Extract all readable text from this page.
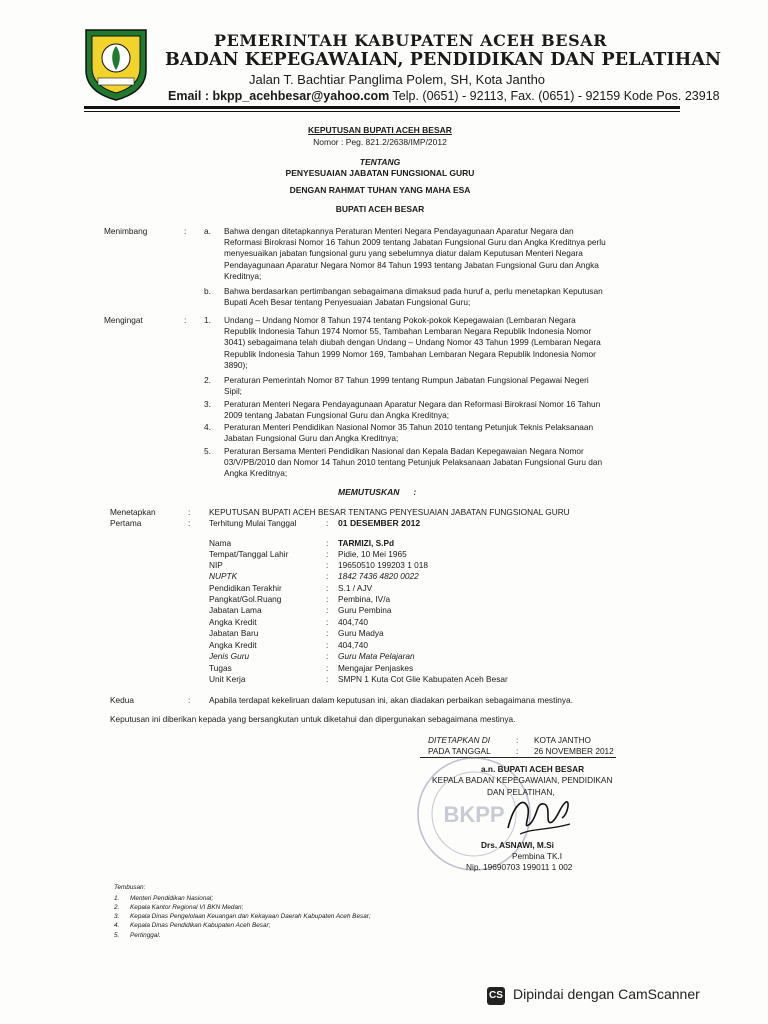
PEMERINTAH KABUPATEN ACEH BESAR
BADAN KEPEGAWAIAN, PENDIDIKAN DAN PELATIHAN
Jalan T. Bachtiar Panglima Polem, SH, Kota Jantho
Email : bkpp_acehbesar@yahoo.com Telp. (0651) - 92113, Fax. (0651) - 92159 Kode Pos. 23918
KEPUTUSAN BUPATI ACEH BESAR
Nomor : Peg. 821.2/2638/IMP/2012
TENTANG
PENYESUAIAN JABATAN FUNGSIONAL GURU
DENGAN RAHMAT TUHAN YANG MAHA ESA
BUPATI ACEH BESAR
Menimbang	: a. Bahwa dengan ditetapkannya Peraturan Menteri Negara Pendayagunaan Aparatur Negara dan
Reformasi Birokrasi Nomor 16 Tahun 2009 tentang Jabatan Fungsional Guru dan Angka Kreditnya perlu
menyesuaikan jabatan fungsional guru yang sebelumnya diatur dalam Keputusan Menteri Negara
Pendayagunaan Aparatur Negara Nomor 84 Tahun 1993 tentang Jabatan Fungsional Guru dan Angka
Kreditnya;
b. Bahwa berdasarkan pertimbangan sebagaimana dimaksud pada huruf a, perlu menetapkan Keputusan
Bupati Aceh Besar tentang Penyesuaian Jabatan Fungsional Guru;
Mengingat	: 1. Undang – Undang Nomor 8 Tahun 1974 tentang Pokok-pokok Kepegawaian (Lembaran Negara
Republik Indonesia Tahun 1974 Nomor 55, Tambahan Lembaran Negara Republik Indonesia Nomor
3041) sebagaimana telah diubah dengan Undang – Undang Nomor 43 Tahun 1999 (Lembaran Negara
Republik Indonesia Tahun 1999 Nomor 169, Tambahan Lembaran Negara Republik Indonesia Nomor
3890);
2. Peraturan Pemerintah Nomor 87 Tahun 1999 tentang Rumpun Jabatan Fungsional Pegawai Negeri
Sipil;
3. Peraturan Menteri Negara Pendayagunaan Aparatur Negara dan Reformasi Birokrasi Nomor 16 Tahun
2009 tentang Jabatan Fungsional Guru dan Angka Kreditnya;
4. Peraturan Menteri Pendidikan Nasional Nomor 35 Tahun 2010 tentang Petunjuk Teknis Pelaksanaan
Jabatan Fungsional Guru dan Angka Kreditnya;
5. Peraturan Bersama Menteri Pendidikan Nasional dan Kepala Badan Kepegawaian Negara Nomor
03/V/PB/2010 dan Nomor 14 Tahun 2010 tentang Petunjuk Pelaksanaan Jabatan Fungsional Guru dan
Angka Kreditnya;
MEMUTUSKAN      :
Menetapkan	: KEPUTUSAN BUPATI ACEH BESAR TENTANG PENYESUAIAN JABATAN FUNGSIONAL GURU
Pertama	: Terhitung Mulai Tanggal	: 01 DESEMBER 2012
Nama	: TARMIZI, S.Pd
Tempat/Tanggal Lahir	: Pidie, 10 Mei 1965
NIP	: 19650510 199203 1 018
NUPTK	: 1842 7436 4820 0022
Pendidikan Terakhir	: S.1 / AJV
Pangkat/Gol.Ruang	: Pembina, IV/a
Jabatan Lama	: Guru Pembina
Angka Kredit	: 404,740
Jabatan Baru	: Guru Madya
Angka Kredit	: 404,740
Jenis Guru	: Guru Mata Pelajaran
Tugas	: Mengajar Penjaskes
Unit Kerja	: SMPN 1 Kuta Cot Glie Kabupaten Aceh Besar
Kedua	: Apabila terdapat kekeliruan dalam keputusan ini, akan diadakan perbaikan sebagaimana mestinya.
Keputusan ini diberikan kepada yang bersangkutan untuk diketahui dan dipergunakan sebagaimana mestinya.
DITETAPKAN DI	: KOTA JANTHO
PADA TANGGAL	: 26 NOVEMBER 2012
BKPP
a.n. BUPATI ACEH BESAR
KEPALA BADAN KEPEGAWAIAN, PENDIDIKAN
DAN PELATIHAN,
Drs. ASNAWI, M.Si
Pembina TK.I
Nip. 19690703 199011 1 002
Tembusan:
1. Menteri Pendidikan Nasional;
2. Kepala Kantor Regional VI BKN Medan;
3. Kepala Dinas Pengelolaan Keuangan dan Kekayaan Daerah Kabupaten Aceh Besar;
4. Kepala Dinas Pendidikan Kabupaten Aceh Besar;
5. Pertinggal.
CS Dipindai dengan CamScanner
